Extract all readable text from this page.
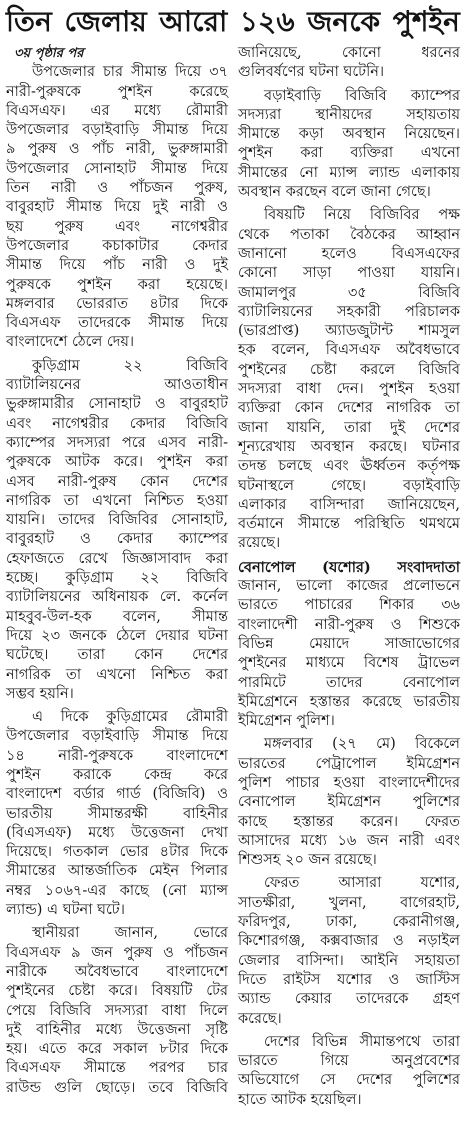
তিন জেলায় আরো ১২৬ জনকে পুশইন
৩য় পৃষ্ঠার পর
উপজেলার চার সীমান্ত দিয়ে ৩৭
নারী-পুরুষকে পুশইন করেছে
বিএসএফ। এর মধ্যে রৌমারী
উপজেলার বড়াইবাড়ি সীমান্ত দিয়ে
৯ পুরুষ ও পাঁচ নারী, ভুরুঙ্গামারী
উপজেলার সোনাহাট সীমান্ত দিয়ে
তিন নারী ও পাঁচজন পুরুষ,
বাবুরহাট সীমান্ত দিয়ে দুই নারী ও
ছয় পুরুষ এবং নাগেশ্বরীর
উপজেলার কচাকাটার কেদার
সীমান্ত দিয়ে পাঁচ নারী ও দুই
পুরুষকে পুশইন করা হয়েছে।
মঙ্গলবার ভোররাত ৪টার দিকে
বিএসএফ তাদেরকে সীমান্ত দিয়ে
বাংলাদেশে ঠেলে দেয়।
কুড়িগ্রাম ২২ বিজিবি
ব্যাটালিয়নের আওতাধীন
ভুরুঙ্গামারীর সোনাহাট ও বাবুরহাট
এবং নাগেশ্বরীর কেদার বিজিবি
ক্যাম্পের সদস্যরা পরে এসব নারী-
পুরুষকে আটক করে। পুশইন করা
এসব নারী-পুরুষ কোন দেশের
নাগরিক তা এখনো নিশ্চিত হওয়া
যায়নি। তাদের বিজিবির সোনাহাট,
বাবুরহাট ও কেদার ক্যাম্পের
হেফাজতে রেখে জিজ্ঞাসাবাদ করা
হচ্ছে। কুড়িগ্রাম ২২ বিজিবি
ব্যাটালিয়নের অধিনায়ক লে. কর্নেল
মাহবুব-উল-হক বলেন, সীমান্ত
দিয়ে ২৩ জনকে ঠেলে দেয়ার ঘটনা
ঘটেছে। তারা কোন দেশের
নাগরিক তা এখনো নিশ্চিত করা
সম্ভব হয়নি।
এ দিকে কুড়িগ্রামের রৌমারী
উপজেলার বড়াইবাড়ি সীমান্ত দিয়ে
১৪ নারী-পুরুষকে বাংলাদেশে
পুশইন করাকে কেন্দ্র করে
বাংলাদেশ বর্ডার গার্ড (বিজিবি) ও
ভারতীয় সীমান্তরক্ষী বাহিনীর
(বিএসএফ) মধ্যে উত্তেজনা দেখা
দিয়েছে। গতকাল ভোর ৪টার দিকে
সীমান্তের আন্তর্জাতিক মেইন পিলার
নম্বর ১০৬৭-এর কাছে (নো ম্যান্স
ল্যান্ড) এ ঘটনা ঘটে।
স্থানীয়রা জানান, ভোরে
বিএসএফ ৯ জন পুরুষ ও পাঁচজন
নারীকে অবৈধভাবে বাংলাদেশে
পুশইনের চেষ্টা করে। বিষয়টি টের
পেয়ে বিজিবি সদস্যরা বাধা দিলে
দুই বাহিনীর মধ্যে উত্তেজনা সৃষ্টি
হয়। এতে করে সকাল ৮টার দিকে
বিএসএফ সীমান্তে পরপর চার
রাউন্ড গুলি ছোড়ে। তবে বিজিবি
জানিয়েছে, কোনো ধরনের
গুলিবর্ষণের ঘটনা ঘটেনি।
বড়াইবাড়ি বিজিবি ক্যাম্পের
সদস্যরা স্থানীয়দের সহায়তায়
সীমান্তে কড়া অবস্থান নিয়েছেন।
পুশইন করা ব্যক্তিরা এখনো
সীমান্তের নো ম্যান্স ল্যান্ড এলাকায়
অবস্থান করছেন বলে জানা গেছে।
বিষয়টি নিয়ে বিজিবির পক্ষ
থেকে পতাকা বৈঠকের আহ্বান
জানানো হলেও বিএসএফের
কোনো সাড়া পাওয়া যায়নি।
জামালপুর ৩৫ বিজিবি
ব্যাটালিয়নের সহকারী পরিচালক
(ভারপ্রাপ্ত) অ্যাডজুটান্ট শামসুল
হক বলেন, বিএসএফ অবৈধভাবে
পুশইনের চেষ্টা করলে বিজিবি
সদস্যরা বাধা দেন। পুশইন হওয়া
ব্যক্তিরা কোন দেশের নাগরিক তা
জানা যায়নি, তারা দুই দেশের
শূন্যরেখায় অবস্থান করছে। ঘটনার
তদন্ত চলছে এবং ঊর্ধ্বতন কর্তৃপক্ষ
ঘটনাস্থলে গেছে। বড়াইবাড়ি
এলাকার বাসিন্দারা জানিয়েছেন,
বর্তমানে সীমান্তে পরিস্থিতি থমথমে
রয়েছে।
বেনাপোল (যশোর) সংবাদদাতা
জানান, ভালো কাজের প্রলোভনে
ভারতে পাচারের শিকার ৩৬
বাংলাদেশী নারী-পুরুষ ও শিশুকে
বিভিন্ন মেয়াদে সাজাভোগের
পুশইনের মাধ্যমে বিশেষ ট্রাভেল
পারমিটে তাদের বেনাপোল
ইমিগ্রেশনে হস্তান্তর করেছে ভারতীয়
ইমিগ্রেশন পুলিশ।
মঙ্গলবার (২৭ মে) বিকেলে
ভারতের পেট্রাপোল ইমিগ্রেশন
পুলিশ পাচার হওয়া বাংলাদেশীদের
বেনাপোল ইমিগ্রেশন পুলিশের
কাছে হস্তান্তর করেন। ফেরত
আসাদের মধ্যে ১৬ জন নারী এবং
শিশুসহ ২০ জন রয়েছে।
ফেরত আসারা যশোর,
সাতক্ষীরা, খুলনা, বাগেরহাট,
ফরিদপুর, ঢাকা, কেরানীগঞ্জ,
কিশোরগঞ্জ, কক্সবাজার ও নড়াইল
জেলার বাসিন্দা। আইনি সহায়তা
দিতে রাইটস যশোর ও জাস্টিস
অ্যান্ড কেয়ার তাদেরকে গ্রহণ
করেছে।
দেশের বিভিন্ন সীমান্তপথে তারা
ভারতে গিয়ে অনুপ্রবেশের
অভিযোগে সে দেশের পুলিশের
হাতে আটক হয়েছিল।
